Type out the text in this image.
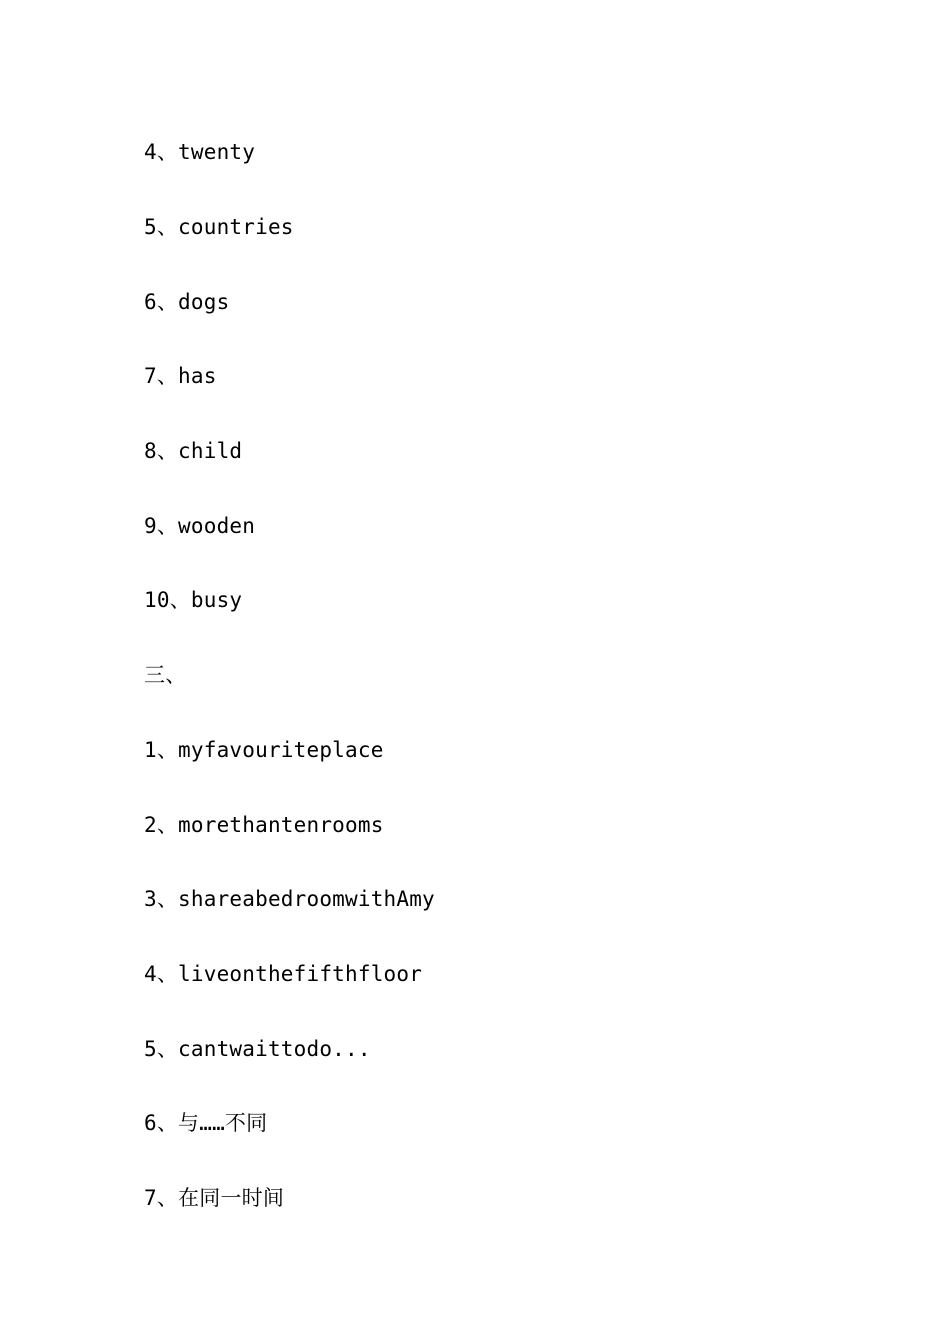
4、twenty
5、countries
6、dogs
7、has
8、child
9、wooden
10、busy
三、
1、myfavouriteplace
2、morethantenrooms
3、shareabedroomwithAmy
4、liveonthefifthfloor
5、cantwaittodo...
6、与……不同
7、在同一时间
